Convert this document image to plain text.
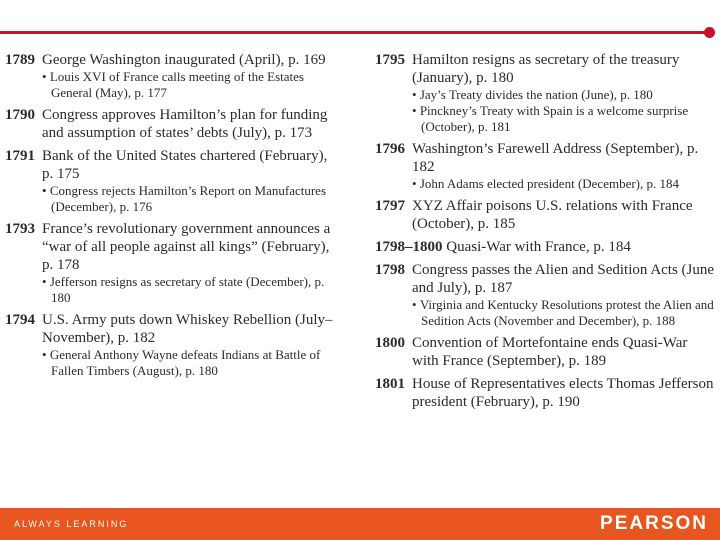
1789 George Washington inaugurated (April), p. 169
• Louis XVI of France calls meeting of the Estates General (May), p. 177
1790 Congress approves Hamilton’s plan for funding and assumption of states’ debts (July), p. 173
1791 Bank of the United States chartered (February), p. 175
• Congress rejects Hamilton’s Report on Manufactures (December), p. 176
1793 France’s revolutionary government announces a “war of all people against all kings” (February), p. 178
• Jefferson resigns as secretary of state (December), p. 180
1794 U.S. Army puts down Whiskey Rebellion (July–November), p. 182
• General Anthony Wayne defeats Indians at Battle of Fallen Timbers (August), p. 180
1795 Hamilton resigns as secretary of the treasury (January), p. 180
• Jay’s Treaty divides the nation (June), p. 180
• Pinckney’s Treaty with Spain is a welcome surprise (October), p. 181
1796 Washington’s Farewell Address (September), p. 182
• John Adams elected president (December), p. 184
1797 XYZ Affair poisons U.S. relations with France (October), p. 185
1798–1800 Quasi-War with France, p. 184
1798 Congress passes the Alien and Sedition Acts (June and July), p. 187
• Virginia and Kentucky Resolutions protest the Alien and Sedition Acts (November and December), p. 188
1800 Convention of Mortefontaine ends Quasi-War with France (September), p. 189
1801 House of Representatives elects Thomas Jefferson president (February), p. 190
ALWAYS LEARNING	PEARSON
